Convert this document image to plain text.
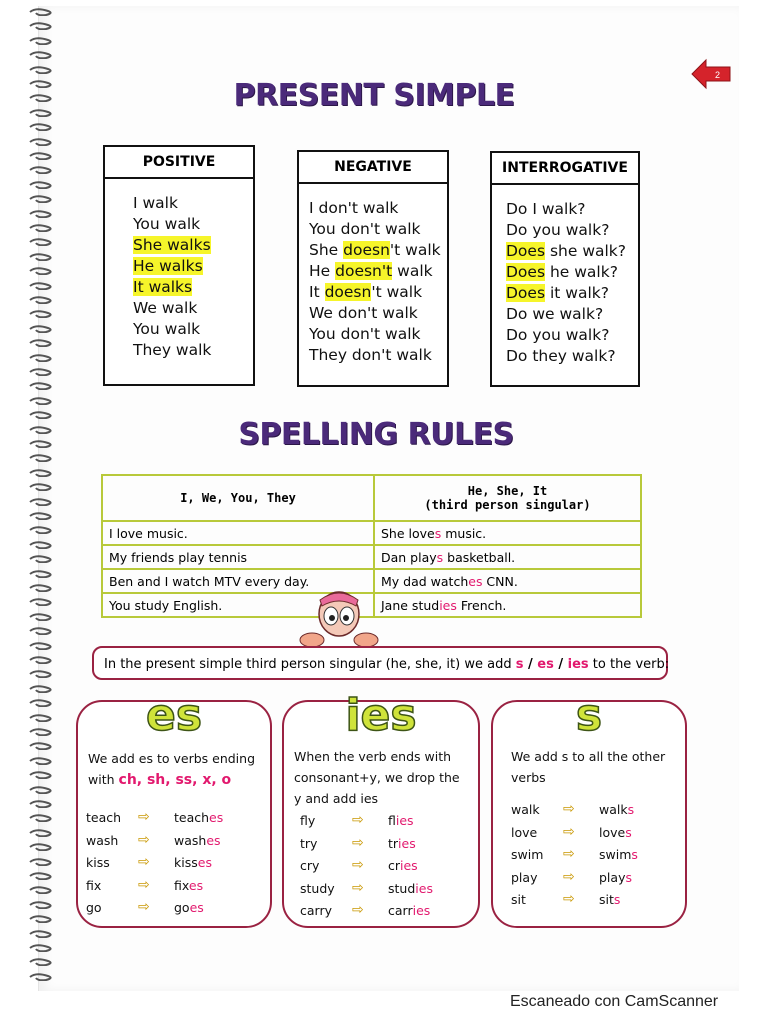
2
PRESENT SIMPLE
POSITIVE
I walk
You walk
She walks
He walks
It walks
We walk
You walk
They walk
NEGATIVE
I don't walk
You don't walk
She doesn't walk
He doesn't walk
It doesn't walk
We don't walk
You don't walk
They don't walk
INTERROGATIVE
Do I walk?
Do you walk?
Does she walk?
Does he walk?
Does it walk?
Do we walk?
Do you walk?
Do they walk?
SPELLING RULES
I, We, You, They	He, She, It
(third person singular)
I love music.	She loves music.
My friends play tennis	Dan plays basketball.
Ben and I watch MTV every day.	My dad watches CNN.
You study English.	Jane studies French.
In the present simple third person singular (he, she, it) we add s / es / ies to the verb:
es
We add es to verbs ending with ch, sh, ss, x, o
teach ⇨ teaches
wash ⇨ washes
kiss ⇨ kisses
fix	⇨ fixes
go	⇨ goes
ies
When the verb ends with consonant+y, we drop the y and add ies
fly	⇨ flies
try ⇨ tries
cry ⇨ cries
study ⇨ studies
carry ⇨ carries
s
We add s to all the other verbs
walk ⇨ walks
love ⇨ loves
swim ⇨ swims
play ⇨ plays
sit	⇨ sits
Escaneado con CamScanner
